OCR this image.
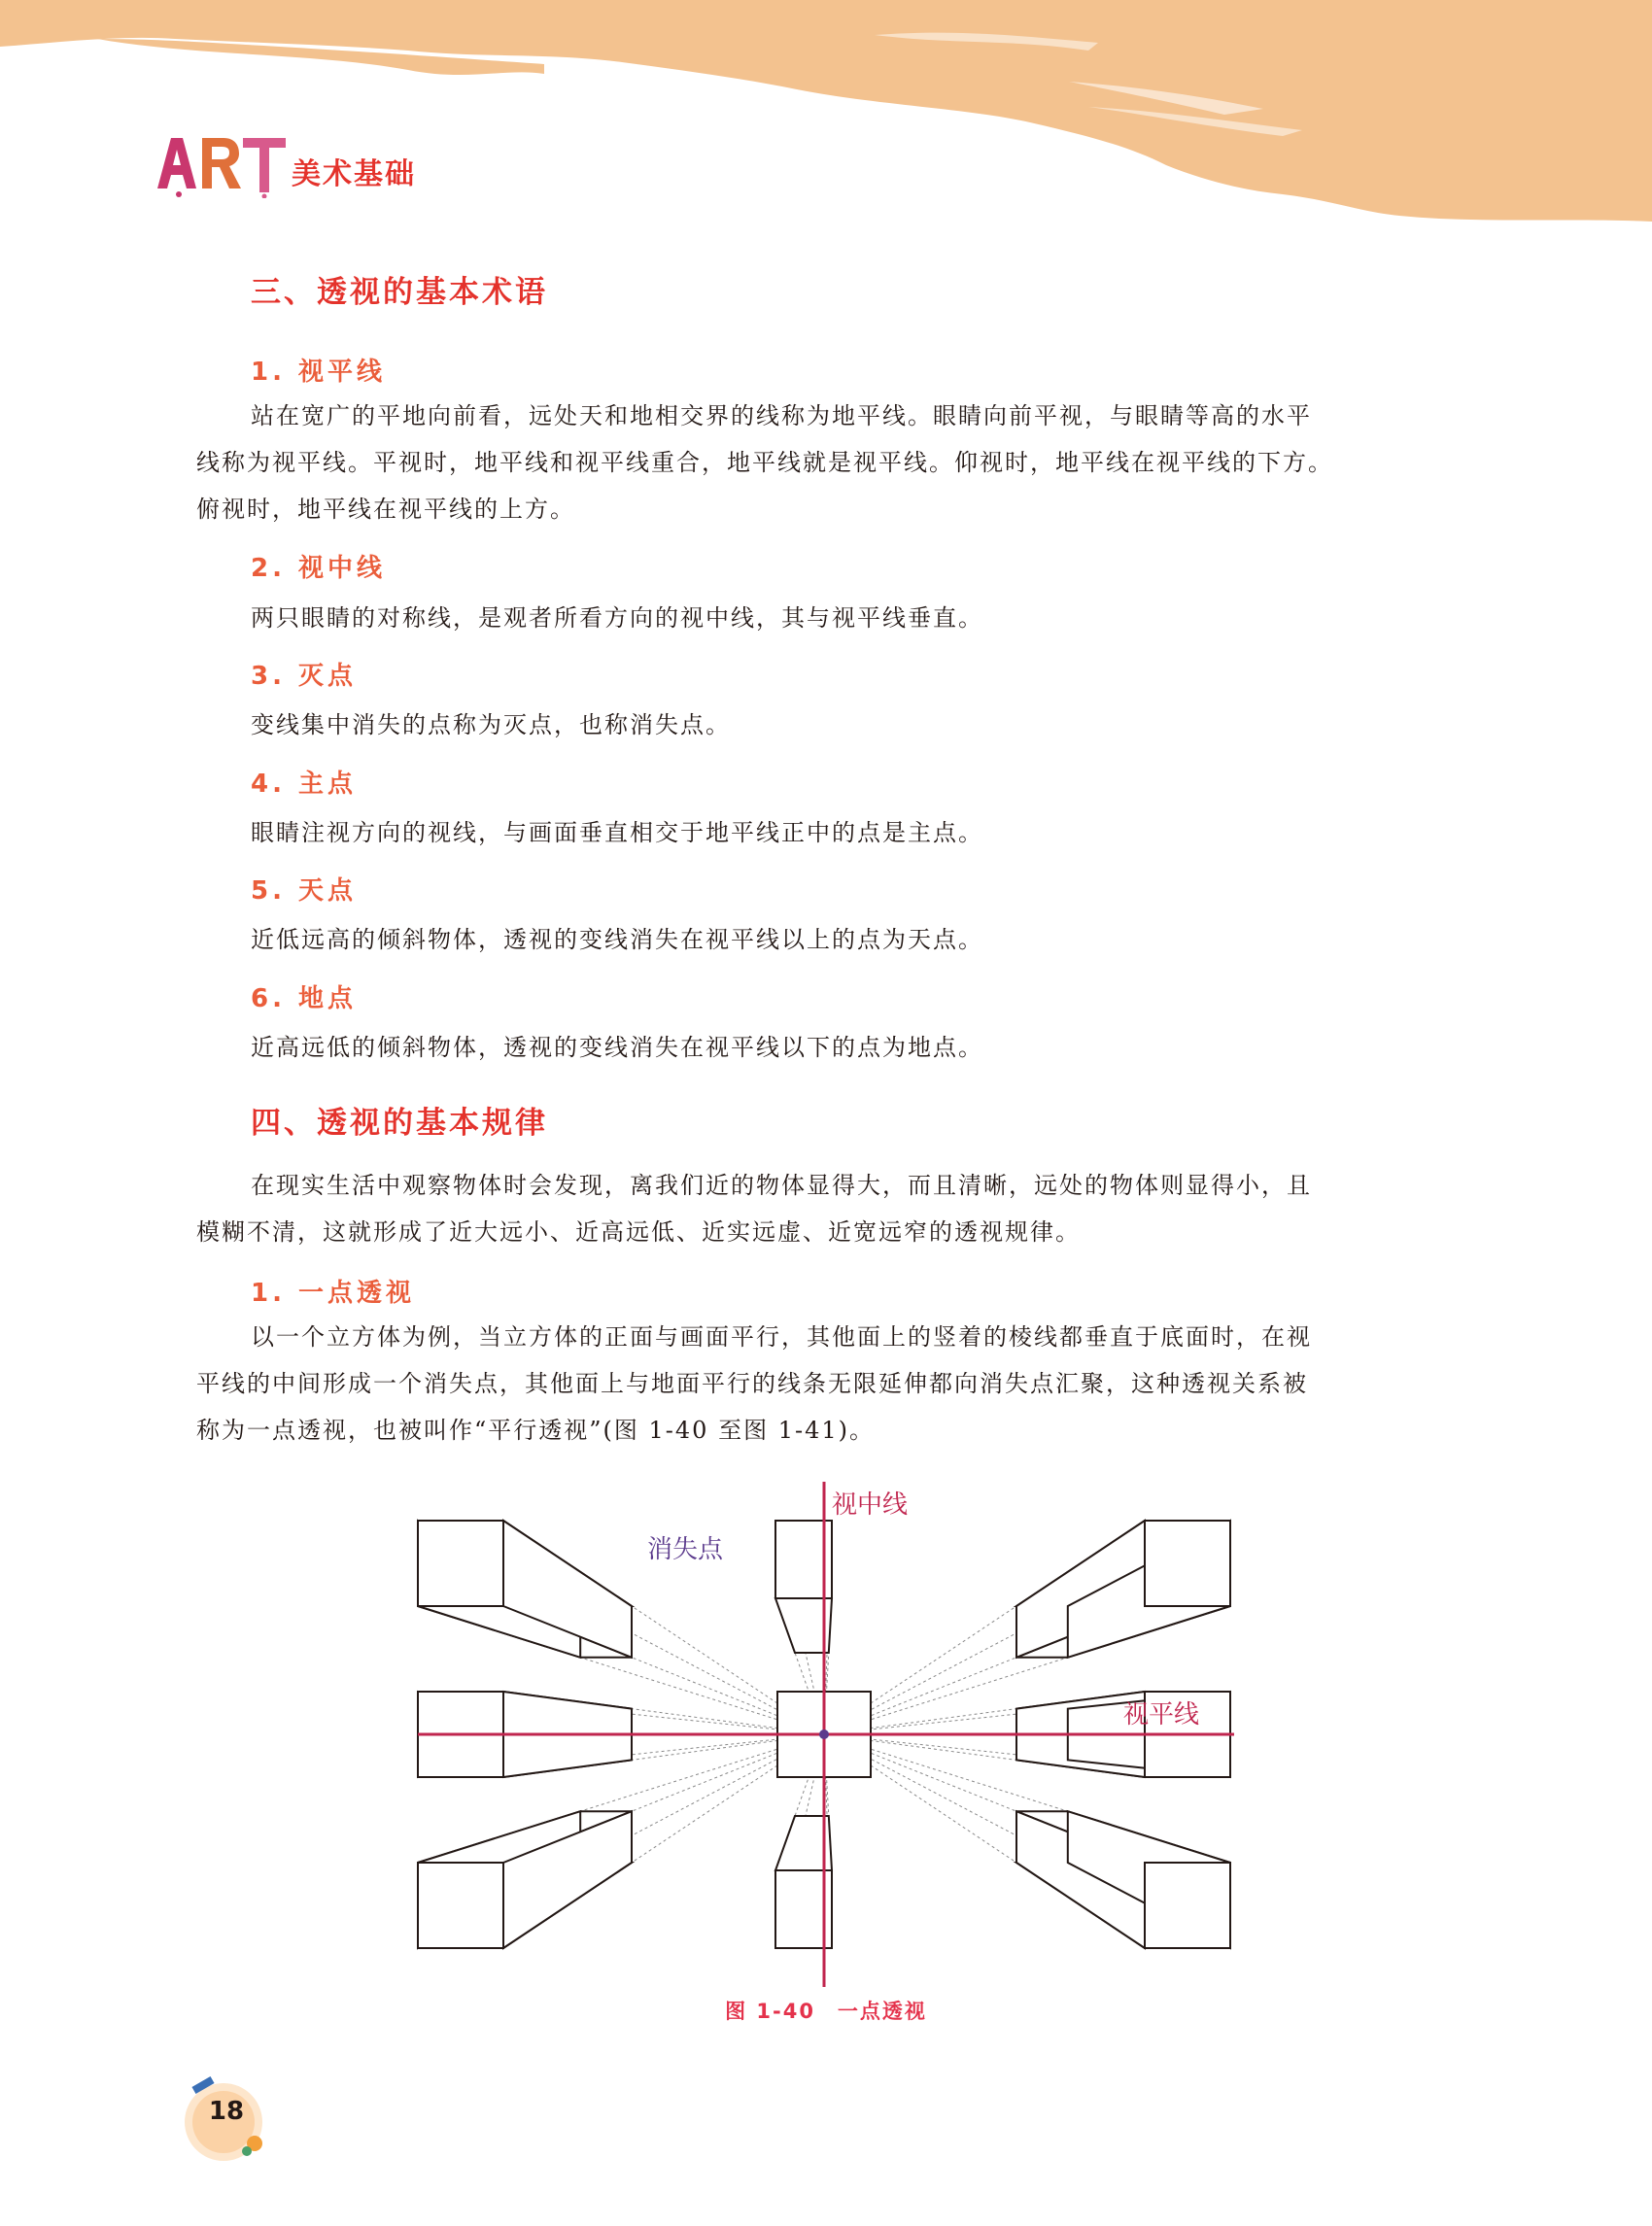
美术基础
三、透视的基本术语
1. 视平线
站在宽广的平地向前看，远处天和地相交界的线称为地平线。眼睛向前平视，与眼睛等高的水平
线称为视平线。平视时，地平线和视平线重合，地平线就是视平线。仰视时，地平线在视平线的下方。
俯视时，地平线在视平线的上方。
2. 视中线
两只眼睛的对称线，是观者所看方向的视中线，其与视平线垂直。
3. 灭点
变线集中消失的点称为灭点，也称消失点。
4. 主点
眼睛注视方向的视线，与画面垂直相交于地平线正中的点是主点。
5. 天点
近低远高的倾斜物体，透视的变线消失在视平线以上的点为天点。
6. 地点
近高远低的倾斜物体，透视的变线消失在视平线以下的点为地点。
四、透视的基本规律
在现实生活中观察物体时会发现，离我们近的物体显得大，而且清晰，远处的物体则显得小，且
模糊不清，这就形成了近大远小、近高远低、近实远虚、近宽远窄的透视规律。
1. 一点透视
以一个立方体为例，当立方体的正面与画面平行，其他面上的竖着的棱线都垂直于底面时，在视
平线的中间形成一个消失点，其他面上与地面平行的线条无限延伸都向消失点汇聚，这种透视关系被
称为一点透视，也被叫作“平行透视”(图 1-40 至图 1-41)。
视中线
视平线
消失点
图 1-40　一点透视
18
